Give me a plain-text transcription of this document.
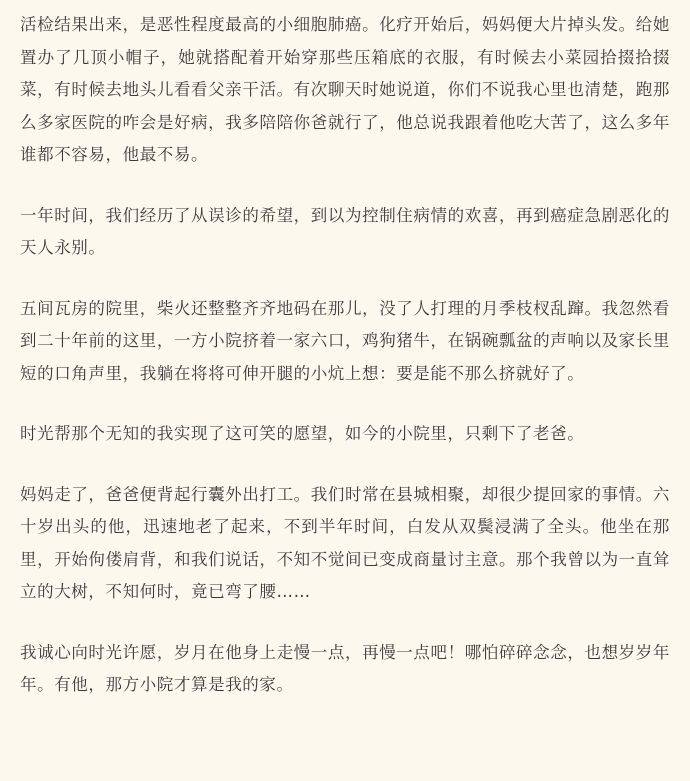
活检结果出来，是恶性程度最高的小细胞肺癌。化疗开始后，妈妈便大片掉头发。给她置办了几顶小帽子，她就搭配着开始穿那些压箱底的衣服，有时候去小菜园拾掇拾掇菜，有时候去地头儿看看父亲干活。有次聊天时她说道，你们不说我心里也清楚，跑那么多家医院的咋会是好病，我多陪陪你爸就行了，他总说我跟着他吃大苦了，这么多年谁都不容易，他最不易。

一年时间，我们经历了从误诊的希望，到以为控制住病情的欢喜，再到癌症急剧恶化的天人永别。

五间瓦房的院里，柴火还整整齐齐地码在那儿，没了人打理的月季枝杈乱蹿。我忽然看到二十年前的这里，一方小院挤着一家六口，鸡狗猪牛，在锅碗瓢盆的声响以及家长里短的口角声里，我躺在将将可伸开腿的小炕上想：要是能不那么挤就好了。

时光帮那个无知的我实现了这可笑的愿望，如今的小院里，只剩下了老爸。

妈妈走了，爸爸便背起行囊外出打工。我们时常在县城相聚，却很少提回家的事情。六十岁出头的他，迅速地老了起来，不到半年时间，白发从双鬓浸满了全头。他坐在那里，开始佝偻肩背，和我们说话，不知不觉间已变成商量讨主意。那个我曾以为一直耸立的大树，不知何时，竟已弯了腰……

我诚心向时光许愿，岁月在他身上走慢一点，再慢一点吧！哪怕碎碎念念，也想岁岁年年。有他，那方小院才算是我的家。
